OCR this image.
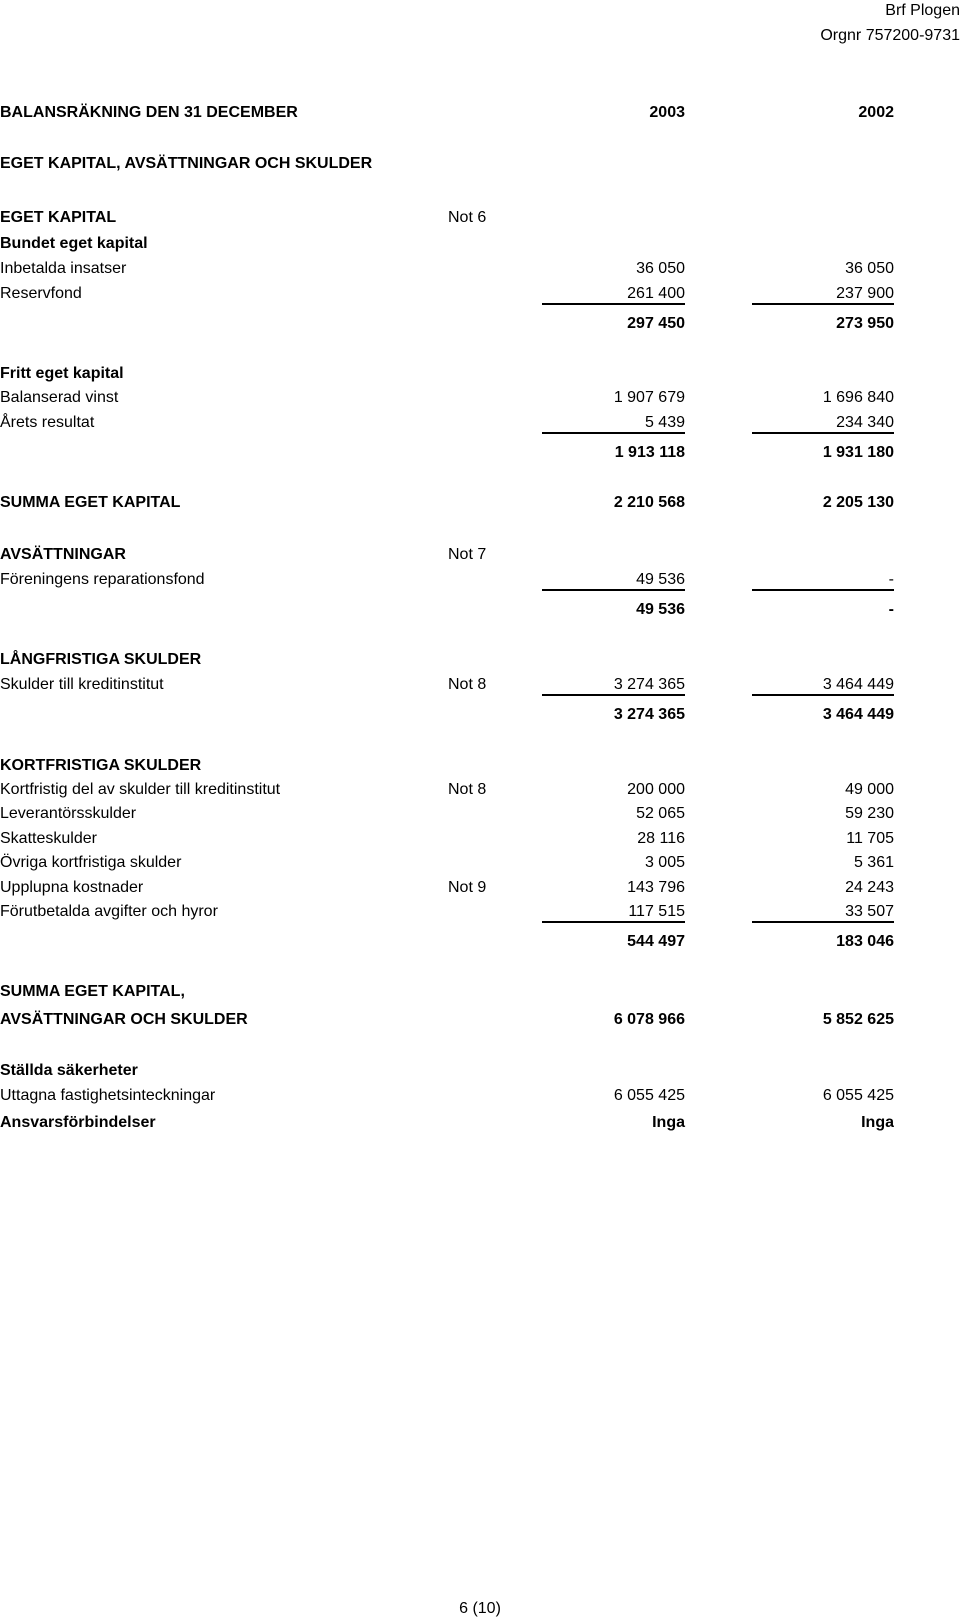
Brf Plogen
Orgnr 757200-9731
BALANSRÄKNING DEN 31 DECEMBER	2003	2002
EGET KAPITAL, AVSÄTTNINGAR OCH SKULDER
EGET KAPITAL	Not 6
Bundet eget kapital
Inbetalda insatser	36 050	36 050
Reservfond	261 400	237 900
297 450	273 950
Fritt eget kapital
Balanserad vinst	1 907 679	1 696 840
Årets resultat	5 439	234 340
1 913 118	1 931 180
SUMMA EGET KAPITAL	2 210 568	2 205 130
AVSÄTTNINGAR	Not 7
Föreningens reparationsfond	49 536	-
49 536	-
LÅNGFRISTIGA SKULDER
Skulder till kreditinstitut	Not 8	3 274 365	3 464 449
3 274 365	3 464 449
KORTFRISTIGA SKULDER
Kortfristig del av skulder till kreditinstitut	Not 8	200 000	49 000
Leverantörsskulder	52 065	59 230
Skatteskulder	28 116	11 705
Övriga kortfristiga skulder	3 005	5 361
Upplupna kostnader	Not 9	143 796	24 243
Förutbetalda avgifter och hyror	117 515	33 507
544 497	183 046
SUMMA EGET KAPITAL,
AVSÄTTNINGAR OCH SKULDER	6 078 966	5 852 625
Ställda säkerheter
Uttagna fastighetsinteckningar	6 055 425	6 055 425
Ansvarsförbindelser	Inga	Inga
6 (10)
